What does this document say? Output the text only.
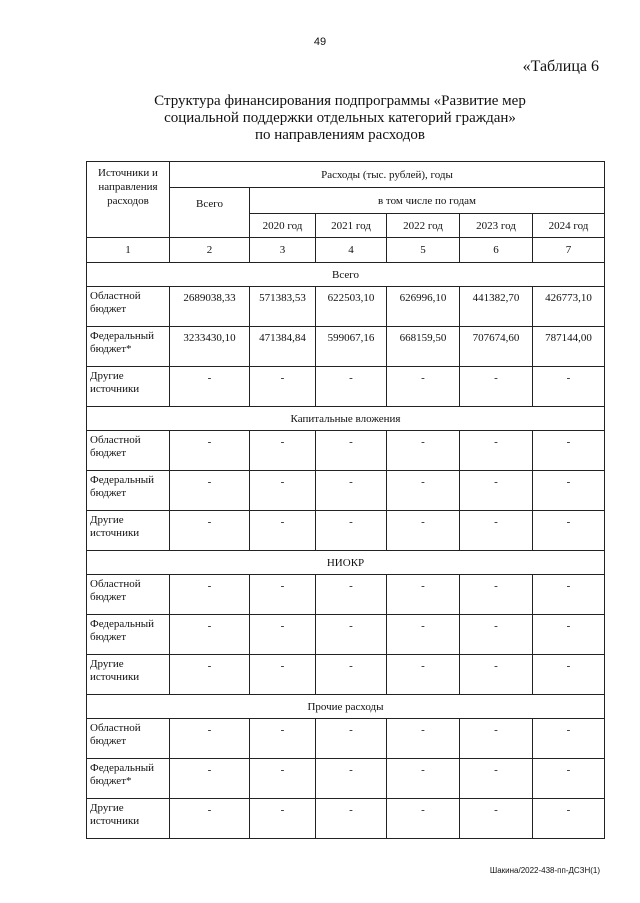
49
«Таблица 6
Структура финансирования подпрограммы «Развитие мер
социальной поддержки отдельных категорий граждан»
по направлениям расходов
Источники и
направления
расходов	Расходы (тыс. рублей), годы					
	Всего	в том числе по годам				
		2020 год	2021 год	2022 год	2023 год	2024 год
1	2	3	4	5	6	7
Всего						

Областной
бюджет	2689038,33	571383,53	622503,10	626996,10	441382,70	426773,10

Федеральный
бюджет*	3233430,10	471384,84	599067,16	668159,50	707674,60	787144,00

Другие
источники	-	-	-	-	-	-
Капитальные вложения						

Областной
бюджет	-	-	-	-	-	-

Федеральный
бюджет	-	-	-	-	-	-

Другие
источники	-	-	-	-	-	-
НИОКР						

Областной
бюджет	-	-	-	-	-	-

Федеральный
бюджет	-	-	-	-	-	-

Другие
источники	-	-	-	-	-	-
Прочие расходы						

Областной
бюджет	-	-	-	-	-	-

Федеральный
бюджет*	-	-	-	-	-	-

Другие
источники	-	-	-	-	-	-
Шакина/2022-438-пп-ДСЗН(1)
